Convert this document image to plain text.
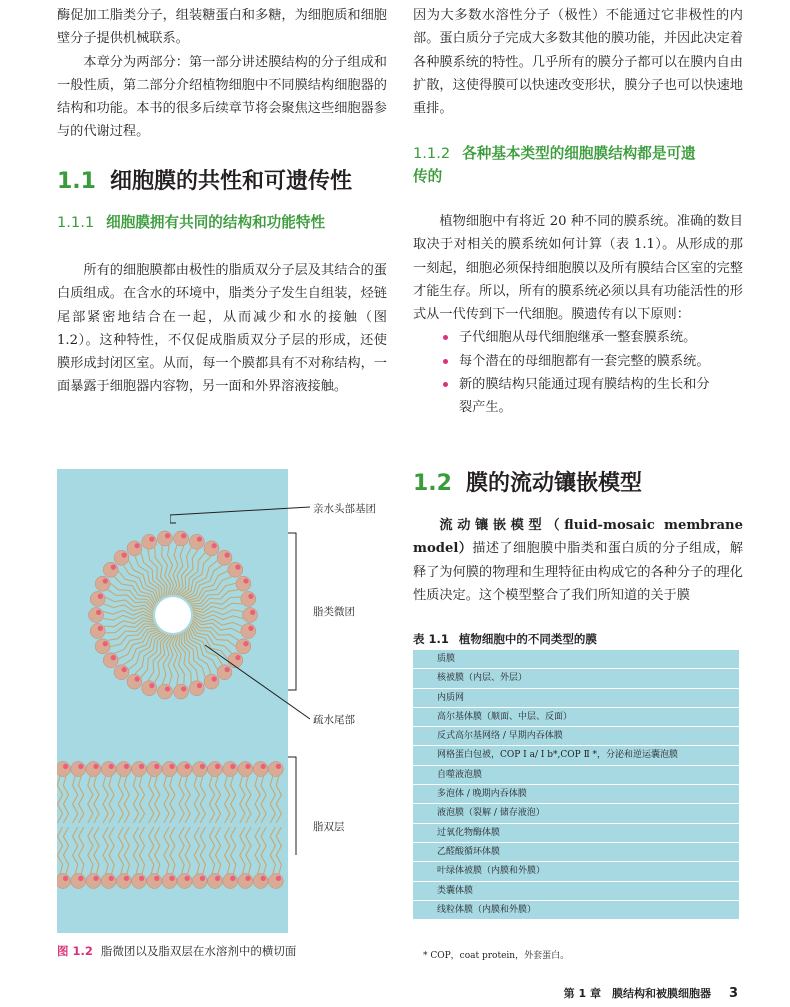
酶促加工脂类分子，组装糖蛋白和多糖，为细胞质和细胞壁分子提供机械联系。

本章分为两部分：第一部分讲述膜结构的分子组成和一般性质，第二部分介绍植物细胞中不同膜结构细胞器的结构和功能。本书的很多后续章节将会聚焦这些细胞器参与的代谢过程。

1.1 细胞膜的共性和可遗传性
1.1.1 细胞膜拥有共同的结构和功能特性

所有的细胞膜都由极性的脂质双分子层及其结合的蛋白质组成。在含水的环境中，脂类分子发生自组装，烃链尾部紧密地结合在一起，从而减少和水的接触（图 1.2）。这种特性，不仅促成脂质双分子层的形成，还使膜形成封闭区室。从而，每一个膜都具有不对称结构，一面暴露于细胞器内容物，另一面和外界溶液接触。

亲水头部基团
脂类微团
疏水尾部
脂双层
图 1.2 脂微团以及脂双层在水溶剂中的横切面

因为大多数水溶性分子（极性）不能通过它非极性的内部。蛋白质分子完成大多数其他的膜功能，并因此决定着各种膜系统的特性。几乎所有的膜分子都可以在膜内自由扩散，这使得膜可以快速改变形状，膜分子也可以快速地重排。

1.1.2 各种基本类型的细胞膜结构都是可遗
传的

植物细胞中有将近 20 种不同的膜系统。准确的数目取决于对相关的膜系统如何计算（表 1.1）。从形成的那一刻起，细胞必须保持细胞膜以及所有膜结合区室的完整才能生存。所以，所有的膜系统必须以具有功能活性的形式从一代传到下一代细胞。膜遗传有以下原则：

子代细胞从母代细胞继承一整套膜系统。
每个潜在的母细胞都有一套完整的膜系统。
新的膜结构只能通过现有膜结构的生长和分
裂产生。
1.2 膜的流动镶嵌模型

流动镶嵌模型（fluid-mosaic membrane model）描述了细胞膜中脂类和蛋白质的分子组成，解释了为何膜的物理和生理特征由构成它的各种分子的理化性质决定。这个模型整合了我们所知道的关于膜

表 1.1 植物细胞中的不同类型的膜
质膜
核被膜（内层、外层）
内质网
高尔基体膜（顺面、中层、反面）
反式高尔基网络 / 早期内吞体膜
网格蛋白包被，COP Ⅰ a/ Ⅰ b*,COP Ⅱ *，分泌和逆运囊泡膜
自噬液泡膜
多泡体 / 晚期内吞体膜
液泡膜（裂解 / 储存液泡）
过氧化物酶体膜
乙醛酸循环体膜
叶绿体被膜（内膜和外膜）
类囊体膜
线粒体膜（内膜和外膜）
* COP，coat protein，外套蛋白。
第 1 章　膜结构和被膜细胞器 3
